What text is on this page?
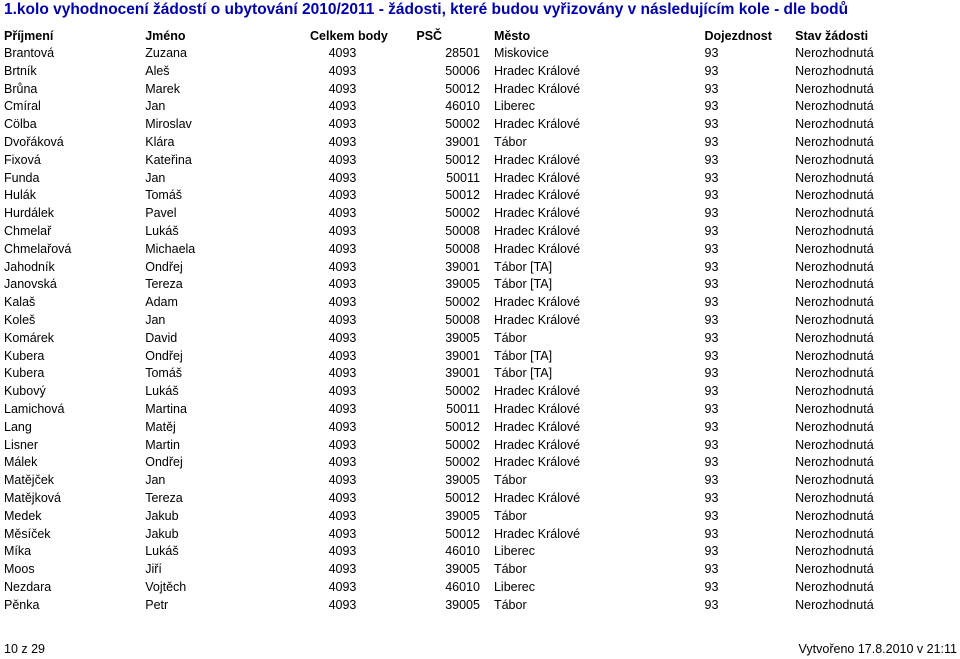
1.kolo vyhodnocení žádostí o ubytování 2010/2011 - žádosti, které budou vyřizovány v následujícím kole - dle bodů
Příjmení	Jméno	Celkem body	PSČ	Město	Dojezdnost	Stav žádosti
Brantová	Zuzana	4093	28501	Miskovice	93	Nerozhodnutá
Brtník	Aleš	4093	50006	Hradec Králové	93	Nerozhodnutá
Brůna	Marek	4093	50012	Hradec Králové	93	Nerozhodnutá
Cmíral	Jan	4093	46010	Liberec	93	Nerozhodnutá
Cölba	Miroslav	4093	50002	Hradec Králové	93	Nerozhodnutá
Dvořáková	Klára	4093	39001	Tábor	93	Nerozhodnutá
Fixová	Kateřina	4093	50012	Hradec Králové	93	Nerozhodnutá
Funda	Jan	4093	50011	Hradec Králové	93	Nerozhodnutá
Hulák	Tomáš	4093	50012	Hradec Králové	93	Nerozhodnutá
Hurdálek	Pavel	4093	50002	Hradec Králové	93	Nerozhodnutá
Chmelař	Lukáš	4093	50008	Hradec Králové	93	Nerozhodnutá
Chmelařová	Michaela	4093	50008	Hradec Králové	93	Nerozhodnutá
Jahodník	Ondřej	4093	39001	Tábor [TA]	93	Nerozhodnutá
Janovská	Tereza	4093	39005	Tábor [TA]	93	Nerozhodnutá
Kalaš	Adam	4093	50002	Hradec Králové	93	Nerozhodnutá
Koleš	Jan	4093	50008	Hradec Králové	93	Nerozhodnutá
Komárek	David	4093	39005	Tábor	93	Nerozhodnutá
Kubera	Ondřej	4093	39001	Tábor [TA]	93	Nerozhodnutá
Kubera	Tomáš	4093	39001	Tábor [TA]	93	Nerozhodnutá
Kubový	Lukáš	4093	50002	Hradec Králové	93	Nerozhodnutá
Lamichová	Martina	4093	50011	Hradec Králové	93	Nerozhodnutá
Lang	Matěj	4093	50012	Hradec Králové	93	Nerozhodnutá
Lisner	Martin	4093	50002	Hradec Králové	93	Nerozhodnutá
Málek	Ondřej	4093	50002	Hradec Králové	93	Nerozhodnutá
Matějček	Jan	4093	39005	Tábor	93	Nerozhodnutá
Matějková	Tereza	4093	50012	Hradec Králové	93	Nerozhodnutá
Medek	Jakub	4093	39005	Tábor	93	Nerozhodnutá
Měsíček	Jakub	4093	50012	Hradec Králové	93	Nerozhodnutá
Míka	Lukáš	4093	46010	Liberec	93	Nerozhodnutá
Moos	Jiří	4093	39005	Tábor	93	Nerozhodnutá
Nezdara	Vojtěch	4093	46010	Liberec	93	Nerozhodnutá
Pěnka	Petr	4093	39005	Tábor	93	Nerozhodnutá
10 z 29	Vytvořeno 17.8.2010 v 21:11
